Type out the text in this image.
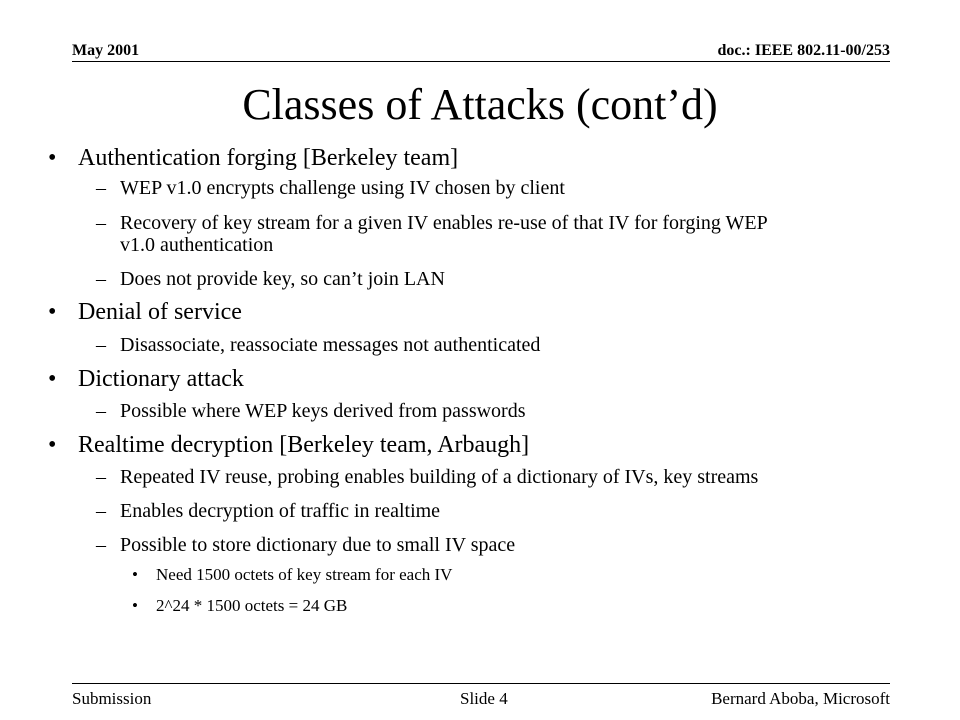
May 2001	doc.: IEEE 802.11-00/253
Classes of Attacks (cont’d)
• Authentication forging [Berkeley team]
– WEP v1.0 encrypts challenge using IV chosen by client
– Recovery of key stream for a given IV enables re-use of that IV for forging WEP
v1.0 authentication
– Does not provide key, so can’t join LAN
• Denial of service
– Disassociate, reassociate messages not authenticated
• Dictionary attack
– Possible where WEP keys derived from passwords
• Realtime decryption [Berkeley team, Arbaugh]
– Repeated IV reuse, probing enables building of a dictionary of IVs, key streams
– Enables decryption of traffic in realtime
– Possible to store dictionary due to small IV space
• Need 1500 octets of key stream for each IV
• 2^24 * 1500 octets = 24 GB
Submission	Slide 4	Bernard Aboba, Microsoft
